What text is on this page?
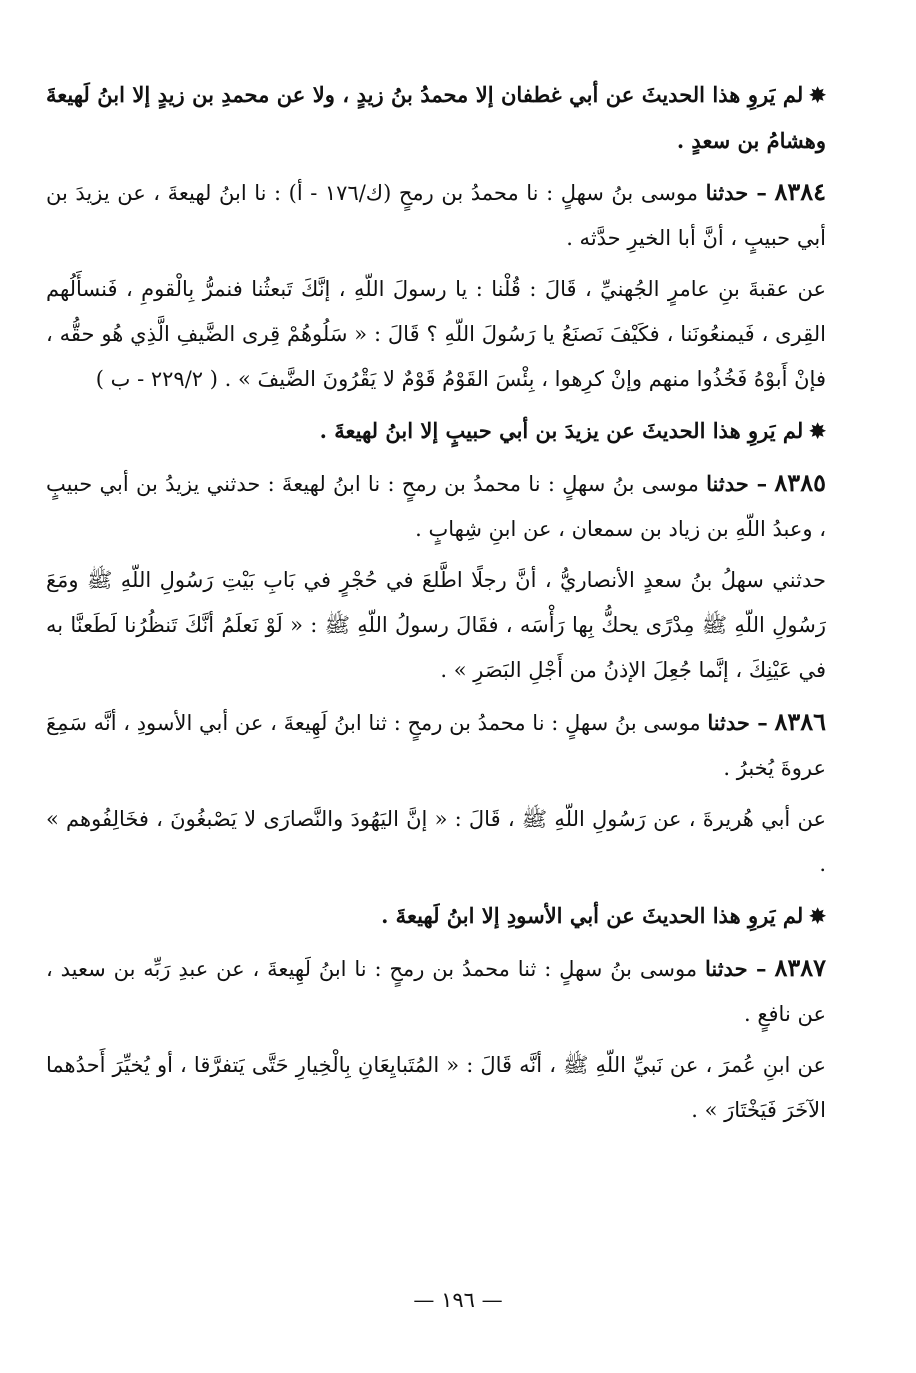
✸لم يَروِ هذا الحديثَ عن أبي غطفان إلا محمدُ بنُ زيدٍ ، ولا عن محمدِ بن زيدٍ إلا ابنُ لَهيعةَ وهشامُ بن سعدٍ .

٨٣٨٤ – حدثنا موسى بنُ سهلٍ : نا محمدُ بن رمحٍ (ك/١٧٦ - أ) : نا ابنُ لهيعةَ ، عن يزيدَ بن أبي حبيبٍ ، أنَّ أبا الخيرِ حدَّثه .

عن عقبةَ بنِ عامرٍ الجُهنيِّ ، قَالَ : قُلْنا : يا رسولَ اللّهِ ، إنَّكَ تَبعثُنا فنمرُّ بِالْقومِ ، فَنسأَلُهم القِرى ، فَيمنعُونَنا ، فكَيْفَ نَصنَعُ يا رَسُولَ اللّهِ ؟ قَالَ : « سَلُوهُمْ قِرى الضَّيفِ الَّذِي هُو حقُّه ، فإنْ أَبوْهُ فَخُذُوا منهم وإنْ كرِهوا ، بِئْسَ القَوْمُ قَوْمٌ لا يَقْرُونَ الضَّيفَ » . ( ٢٢٩/٢ - ب )

✸لم يَروِ هذا الحديثَ عن يزيدَ بن أبي حبيبٍ إلا ابنُ لهيعةَ .

٨٣٨٥ – حدثنا موسى بنُ سهلٍ : نا محمدُ بن رمحٍ : نا ابنُ لهيعةَ : حدثني يزيدُ بن أبي حبيبٍ ، وعبدُ اللّهِ بن زياد بن سمعان ، عن ابنِ شِهابٍ .

حدثني سهلُ بنُ سعدٍ الأنصاريُّ ، أنَّ رجلًا اطَّلعَ في حُجْرٍ في بَابِ بَيْتِ رَسُولِ اللّهِ ﷺ ومَعَ رَسُولِ اللّهِ ﷺ مِدْرًى يحكُّ بِها رَأْسَه ، فقَالَ رسولُ اللّهِ ﷺ : « لَوْ نَعلَمُ أنَّكَ تَنظُرُنا لَطَعنَّا به في عَيْنِكَ ، إنَّما جُعِلَ الإذنُ من أَجْلِ البَصَرِ » .

٨٣٨٦ – حدثنا موسى بنُ سهلٍ : نا محمدُ بن رمحٍ : ثنا ابنُ لَهِيعةَ ، عن أبي الأسودِ ، أنَّه سَمِعَ عروةَ يُخبرُ .

عن أبي هُريرةَ ، عن رَسُولِ اللّهِ ﷺ ، قَالَ : « إنَّ اليَهُودَ والنَّصارَى لا يَصْبغُونَ ، فخَالِفُوهم » .

✸لم يَروِ هذا الحديثَ عن أبي الأسودِ إلا ابنُ لَهيعةَ .

٨٣٨٧ – حدثنا موسى بنُ سهلٍ : ثنا محمدُ بن رمحٍ : نا ابنُ لَهِيعةَ ، عن عبدِ رَبِّه بن سعيد ، عن نافعٍ .

عن ابنِ عُمرَ ، عن نَبيِّ اللّهِ ﷺ ، أنَّه قَالَ : « المُتَبايِعَانِ بِالْخِيارِ حَتَّى يَتفرَّقا ، أو يُخيِّرَ أَحدُهما الآخَرَ فَيَخْتَارَ » .

— ١٩٦ —
